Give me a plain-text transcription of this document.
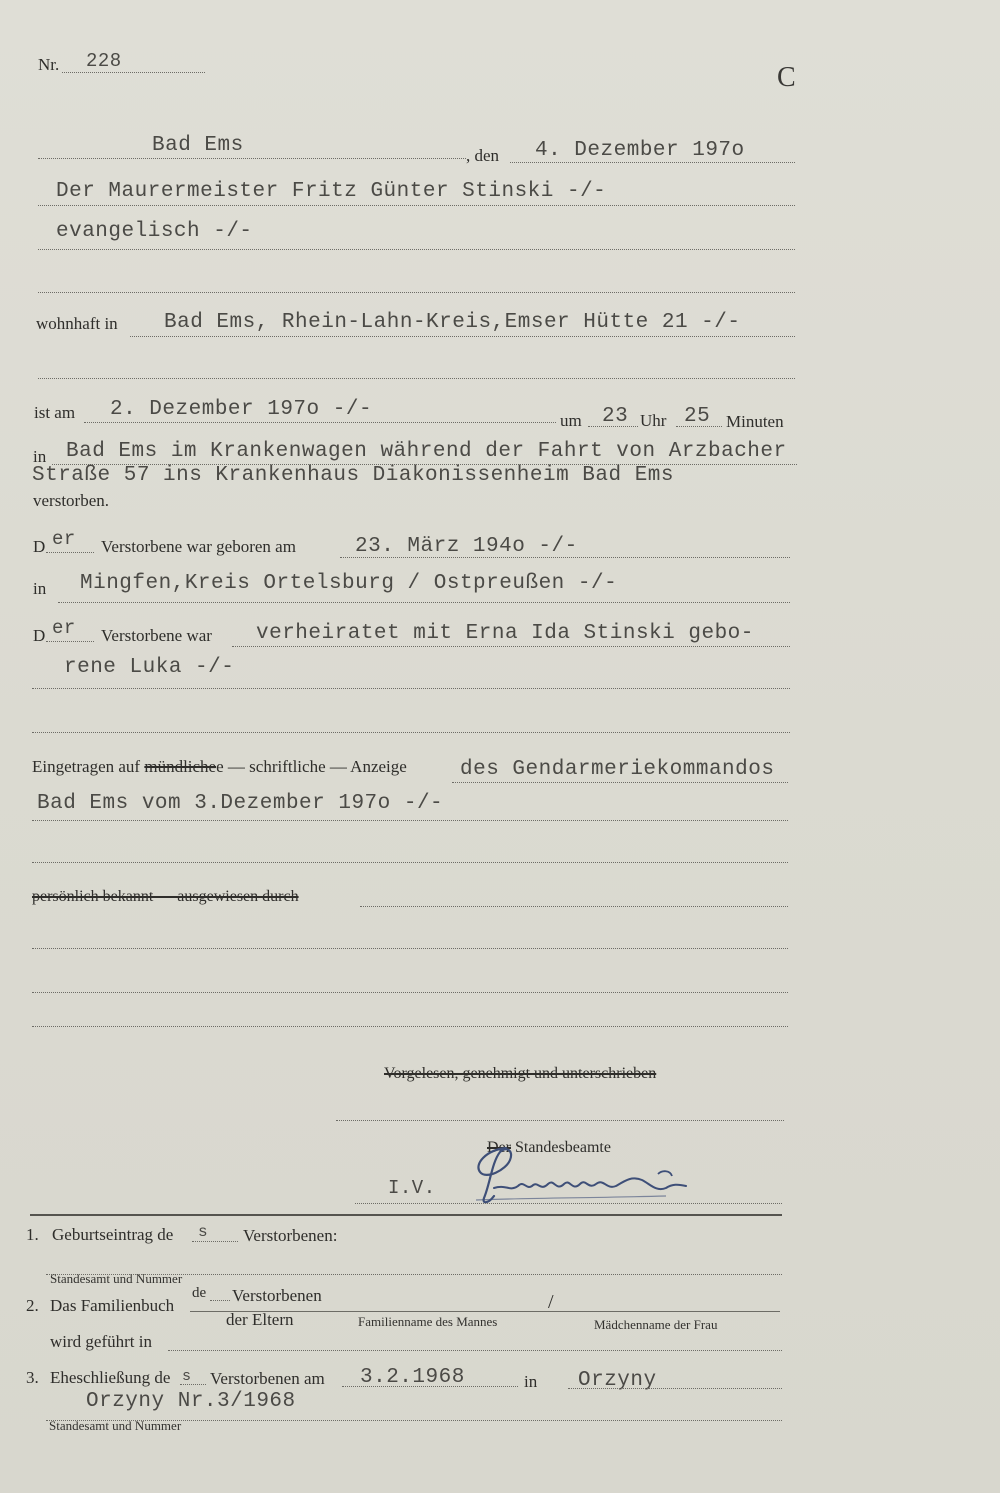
Nr. 228
C
Bad Ems	, den 4. Dezember 197o
Der Maurermeister Fritz Günter Stinski -/-
evangelisch -/-
wohnhaft in Bad Ems, Rhein-Lahn-Kreis,Emser Hütte 21 -/-
ist am 2. Dezember 197o -/-	um 23 Uhr 25 Minuten
in Bad Ems im Krankenwagen während der Fahrt von Arzbacher
Straße 57 ins Krankenhaus Diakonissenheim Bad Ems
verstorben.
D er Verstorbene war geboren am	23. März 194o -/-
in Mingfen,Kreis Ortelsburg / Ostpreußen -/-
D er Verstorbene war verheiratet mit Erna Ida Stinski gebo-
rene Luka -/-
Eingetragen auf mündlichee — schriftliche — Anzeige	des Gendarmeriekommandos
Bad Ems vom 3.Dezember 197o -/-
persönlich bekannt — ausgewiesen durch
Vorgelesen, genehmigt und unterschrieben
Der Standesbeamte
I.V.
1. Geburtseintrag de s Verstorbenen:
Standesamt und Nummer
2. Das Familienbuch
de Verstorbenen	/
der Eltern	Familienname des Mannes	Mädchenname der Frau
wird geführt in
3. Eheschließung de s Verstorbenen am 3.2.1968	in Orzyny
Orzyny Nr.3/1968
Standesamt und Nummer
